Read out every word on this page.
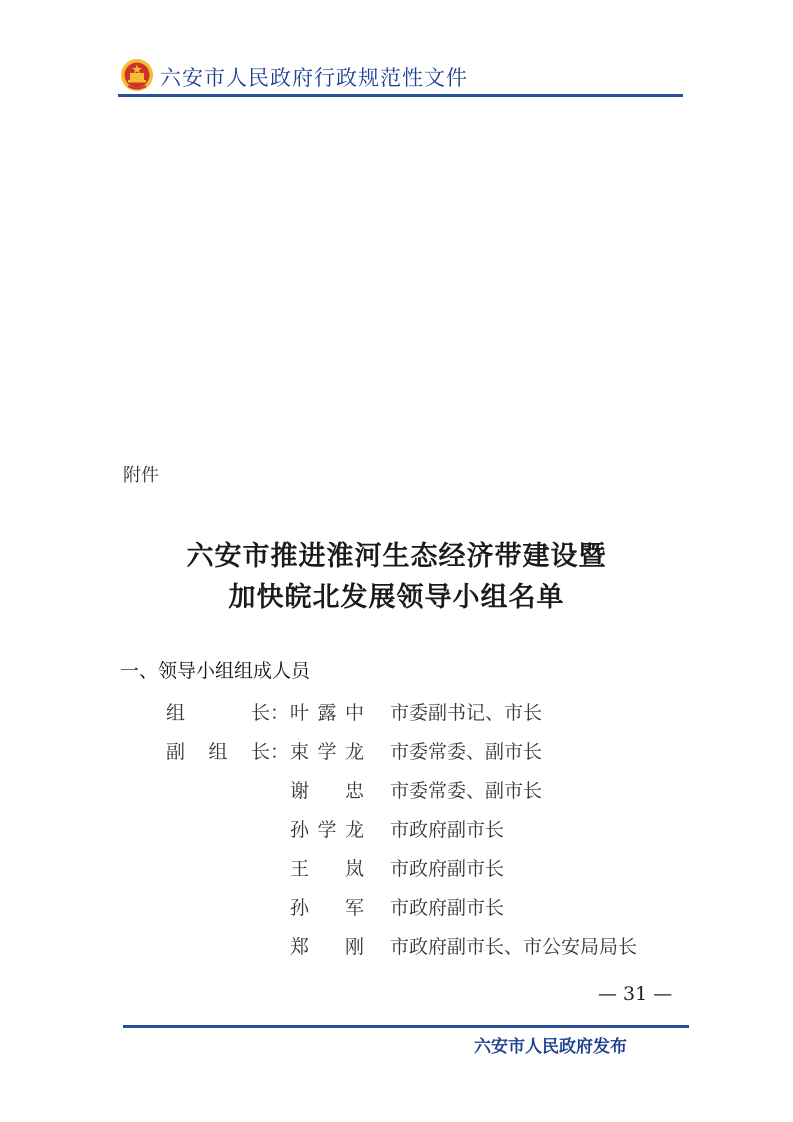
六安市人民政府行政规范性文件
附件
六安市推进淮河生态经济带建设暨
加快皖北发展领导小组名单
一、领导小组组成人员
组长： 叶露中 市委副书记、市长
副组长： 束学龙 市委常委、副市长
谢忠 市委常委、副市长
孙学龙 市政府副市长
王岚 市政府副市长
孙军 市政府副市长
郑刚 市政府副市长、市公安局局长
— 31 —
六安市人民政府发布
